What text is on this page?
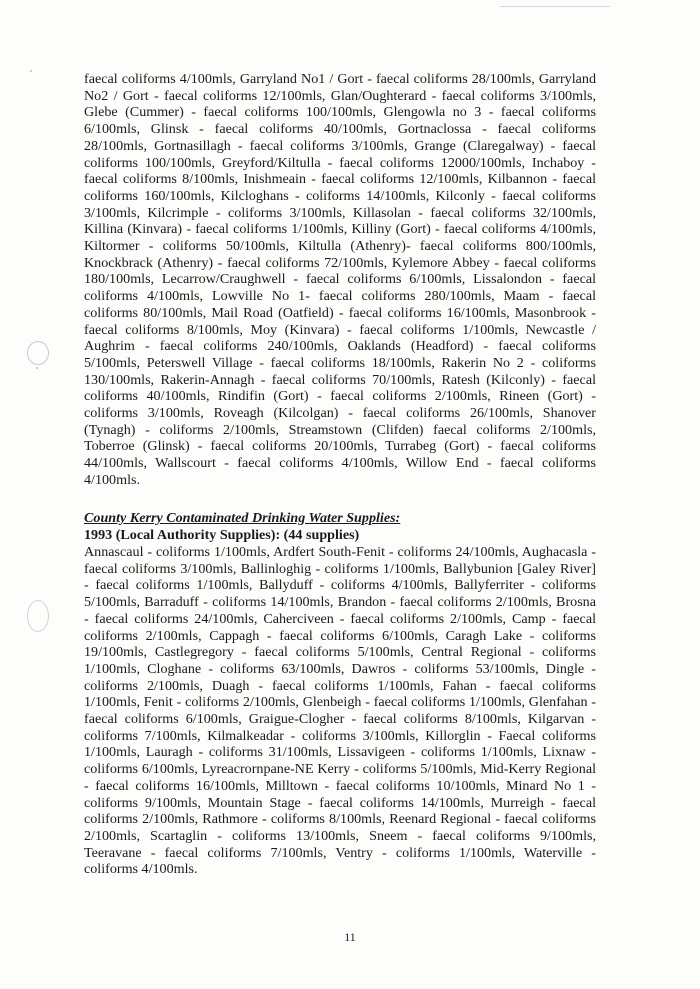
faecal coliforms 4/100mls, Garryland No1 / Gort - faecal coliforms 28/100mls, Garryland No2 / Gort - faecal coliforms 12/100mls, Glan/Oughterard - faecal coliforms 3/100mls, Glebe (Cummer) - faecal coliforms 100/100mls, Glengowla no 3 - faecal coliforms 6/100mls, Glinsk - faecal coliforms 40/100mls, Gortnaclossa - faecal coliforms 28/100mls, Gortnasillagh - faecal coliforms 3/100mls, Grange (Claregalway) - faecal coliforms 100/100mls, Greyford/Kiltulla - faecal coliforms 12000/100mls, Inchaboy - faecal coliforms 8/100mls, Inishmeain - faecal coliforms 12/100mls, Kilbannon - faecal coliforms 160/100mls, Kilcloghans - coliforms 14/100mls, Kilconly - faecal coliforms 3/100mls, Kilcrimple - coliforms 3/100mls, Killasolan - faecal coliforms 32/100mls, Killina (Kinvara) - faecal coliforms 1/100mls, Killiny (Gort) - faecal coliforms 4/100mls, Kiltormer - coliforms 50/100mls, Kiltulla (Athenry)- faecal coliforms 800/100mls, Knockbrack (Athenry) - faecal coliforms 72/100mls, Kylemore Abbey - faecal coliforms 180/100mls, Lecarrow/Craughwell - faecal coliforms 6/100mls, Lissalondon - faecal coliforms 4/100mls, Lowville No 1- faecal coliforms 280/100mls, Maam - faecal coliforms 80/100mls, Mail Road (Oatfield) - faecal coliforms 16/100mls, Masonbrook - faecal coliforms 8/100mls, Moy (Kinvara) - faecal coliforms 1/100mls, Newcastle / Aughrim - faecal coliforms 240/100mls, Oaklands (Headford) - faecal coliforms 5/100mls, Peterswell Village - faecal coliforms 18/100mls, Rakerin No 2 - coliforms 130/100mls, Rakerin-Annagh - faecal coliforms 70/100mls, Ratesh (Kilconly) - faecal coliforms 40/100mls, Rindifin (Gort) - faecal coliforms 2/100mls, Rineen (Gort) - coliforms 3/100mls, Roveagh (Kilcolgan) - faecal coliforms 26/100mls, Shanover (Tynagh) - coliforms 2/100mls, Streamstown (Clifden) faecal coliforms 2/100mls, Toberroe (Glinsk) - faecal coliforms 20/100mls, Turrabeg (Gort) - faecal coliforms 44/100mls, Wallscourt - faecal coliforms 4/100mls, Willow End - faecal coliforms 4/100mls.

County Kerry Contaminated Drinking Water Supplies:

1993 (Local Authority Supplies): (44 supplies)

Annascaul - coliforms 1/100mls, Ardfert South-Fenit - coliforms 24/100mls, Aughacasla - faecal coliforms 3/100mls, Ballinloghig - coliforms 1/100mls, Ballybunion [Galey River] - faecal coliforms 1/100mls, Ballyduff - coliforms 4/100mls, Ballyferriter - coliforms 5/100mls, Barraduff - coliforms 14/100mls, Brandon - faecal coliforms 2/100mls, Brosna - faecal coliforms 24/100mls, Caherciveen - faecal coliforms 2/100mls, Camp - faecal coliforms 2/100mls, Cappagh - faecal coliforms 6/100mls, Caragh Lake - coliforms 19/100mls, Castlegregory - faecal coliforms 5/100mls, Central Regional - coliforms 1/100mls, Cloghane - coliforms 63/100mls, Dawros - coliforms 53/100mls, Dingle - coliforms 2/100mls, Duagh - faecal coliforms 1/100mls, Fahan - faecal coliforms 1/100mls, Fenit - coliforms 2/100mls, Glenbeigh - faecal coliforms 1/100mls, Glenfahan - faecal coliforms 6/100mls, Graigue-Clogher - faecal coliforms 8/100mls, Kilgarvan - coliforms 7/100mls, Kilmalkeadar - coliforms 3/100mls, Killorglin - Faecal coliforms 1/100mls, Lauragh - coliforms 31/100mls, Lissavigeen - coliforms 1/100mls, Lixnaw - coliforms 6/100mls, Lyreacrornpane-NE Kerry - coliforms 5/100mls, Mid-Kerry Regional - faecal coliforms 16/100mls, Milltown - faecal coliforms 10/100mls, Minard No 1 - coliforms 9/100mls, Mountain Stage - faecal coliforms 14/100mls, Murreigh - faecal coliforms 2/100mls, Rathmore - coliforms 8/100mls, Reenard Regional - faecal coliforms 2/100mls, Scartaglin - coliforms 13/100mls, Sneem - faecal coliforms 9/100mls, Teeravane - faecal coliforms 7/100mls, Ventry - coliforms 1/100mls, Waterville - coliforms 4/100mls.

11
